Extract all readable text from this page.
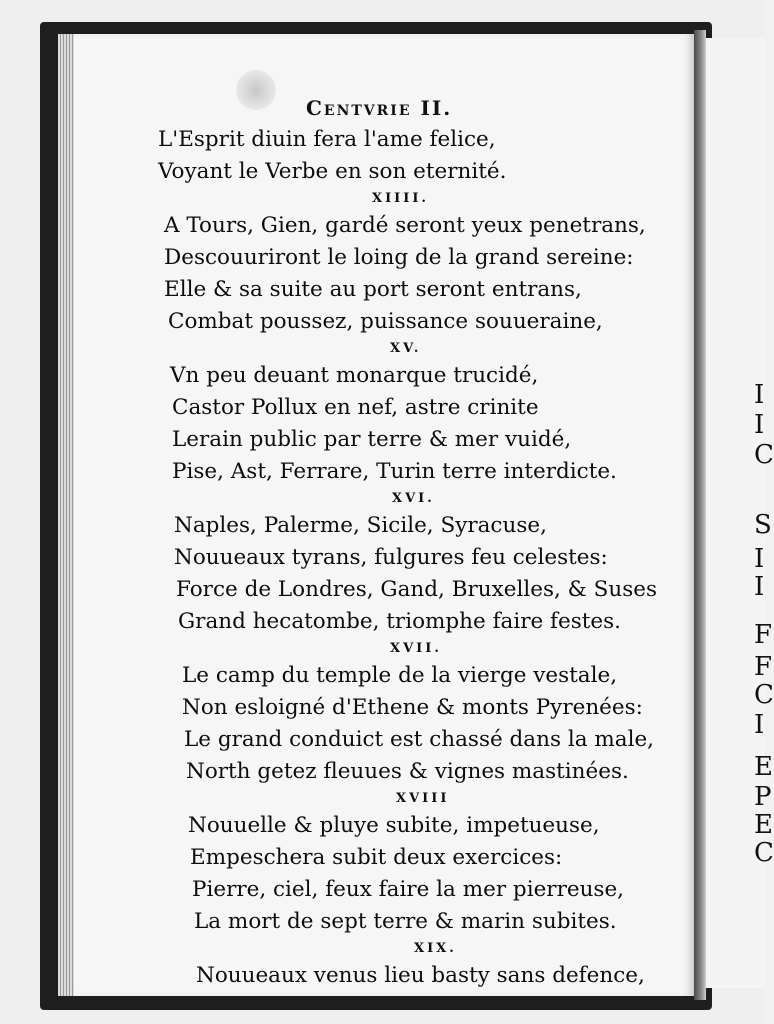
I
I
C
S
I
I
F
F
C
I
E
P
E
C
Centvrie II.
L'Esprit diuin fera l'ame felice,
Voyant le Verbe en son eternité.
XIIII.
A Tours, Gien, gardé seront yeux penetrans,
Descouuriront le loing de la grand sereine:
Elle & sa suite au port seront entrans,
Combat poussez, puissance souueraine,
XV.
Vn peu deuant monarque trucidé,
Castor Pollux en nef, astre crinite
Lerain public par terre & mer vuidé,
Pise, Ast, Ferrare, Turin terre interdicte.
XVI.
Naples, Palerme, Sicile, Syracuse,
Nouueaux tyrans, fulgures feu celestes:
Force de Londres, Gand, Bruxelles, & Suses
Grand hecatombe, triomphe faire festes.
XVII.
Le camp du temple de la vierge vestale,
Non esloigné d'Ethene & monts Pyrenées:
Le grand conduict est chassé dans la male,
North getez fleuues & vignes mastinées.
XVIII
Nouuelle & pluye subite, impetueuse,
Empeschera subit deux exercices:
Pierre, ciel, feux faire la mer pierreuse,
La mort de sept terre & marin subites.
XIX.
Nouueaux venus lieu basty sans defence,
